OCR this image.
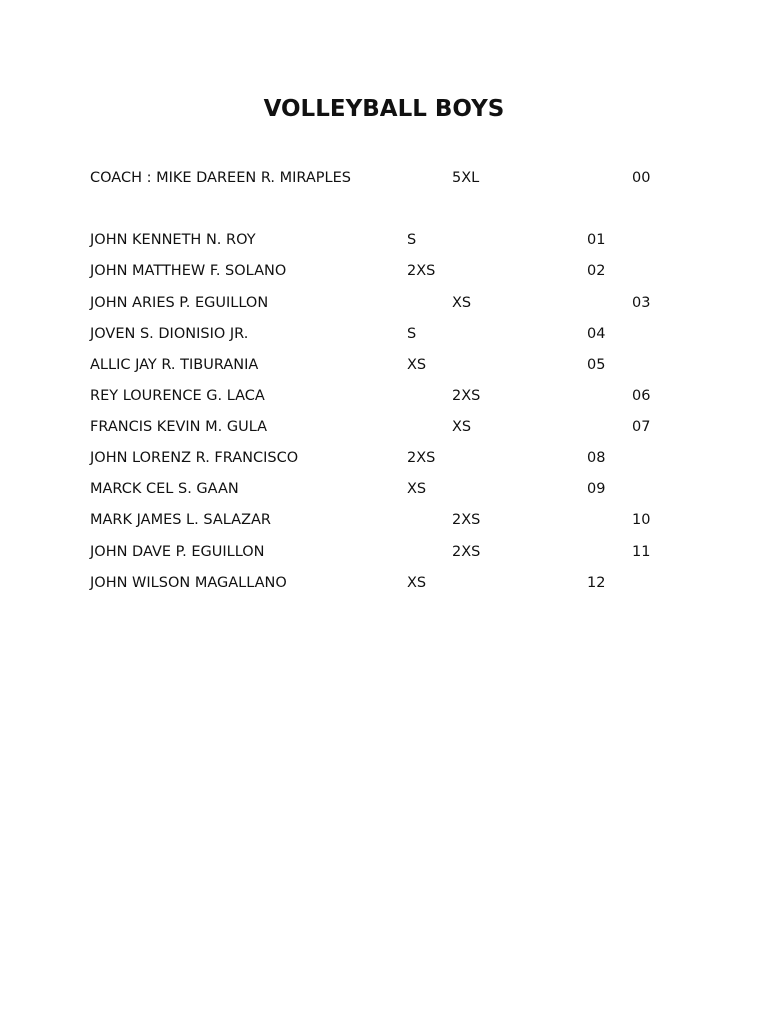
VOLLEYBALL BOYS
COACH : MIKE DAREEN R. MIRAPLES	5XL	00
JOHN KENNETH N. ROY	S	01
JOHN MATTHEW F. SOLANO	2XS	02
JOHN ARIES P. EGUILLON	XS	03
JOVEN S. DIONISIO JR.	S	04
ALLIC JAY R. TIBURANIA	XS	05
REY LOURENCE G. LACA	2XS	06
FRANCIS KEVIN M. GULA	XS	07
JOHN LORENZ R. FRANCISCO	2XS	08
MARCK CEL S. GAAN	XS	09
MARK JAMES L. SALAZAR	2XS	10
JOHN DAVE P. EGUILLON	2XS	11
JOHN WILSON MAGALLANO	XS	12
